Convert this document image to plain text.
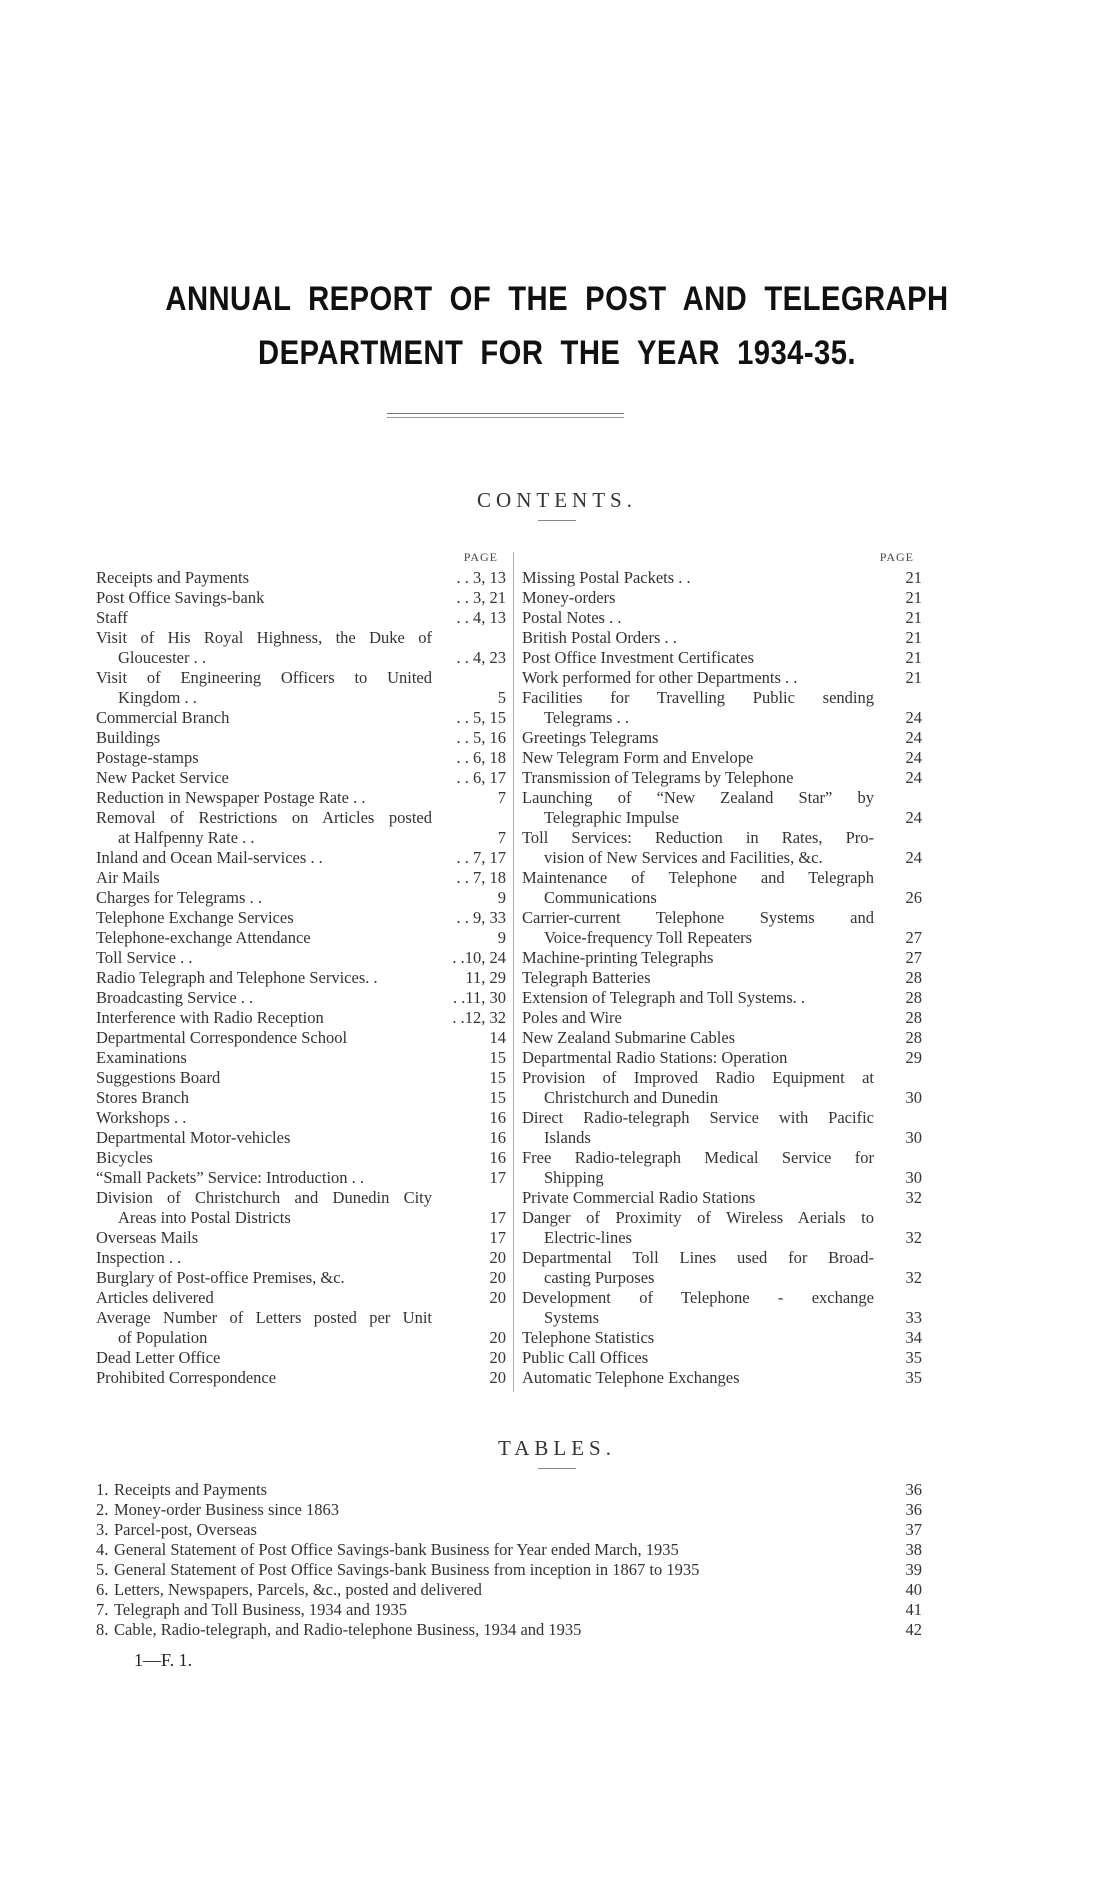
ANNUAL REPORT OF THE POST AND TELEGRAPH
DEPARTMENT FOR THE YEAR 1934-35.
CONTENTS.
PAGE
Receipts and Payments	. . 3, 13
Post Office Savings-bank	. . 3, 21
Staff	. . 4, 13
Visit of His Royal Highness, the Duke of
Gloucester . .	. . 4, 23
Visit of Engineering Officers to United
Kingdom . .	5
Commercial Branch	. . 5, 15
Buildings	. . 5, 16
Postage-stamps	. . 6, 18
New Packet Service	. . 6, 17
Reduction in Newspaper Postage Rate . .	7
Removal of Restrictions on Articles posted
at Halfpenny Rate . .	7
Inland and Ocean Mail-services . .	. . 7, 17
Air Mails	. . 7, 18
Charges for Telegrams . .	9
Telephone Exchange Services	. . 9, 33
Telephone-exchange Attendance	9
Toll Service . .	. .10, 24
Radio Telegraph and Telephone Services. .	11, 29
Broadcasting Service . .	. .11, 30
Interference with Radio Reception	. .12, 32
Departmental Correspondence School	14
Examinations	15
Suggestions Board	15
Stores Branch	15
Workshops . .	16
Departmental Motor-vehicles	16
Bicycles	16
“Small Packets” Service: Introduction . .	17
Division of Christchurch and Dunedin City
Areas into Postal Districts	17
Overseas Mails	17
Inspection . .	20
Burglary of Post-office Premises, &c.	20
Articles delivered	20
Average Number of Letters posted per Unit
of Population	20
Dead Letter Office	20
Prohibited Correspondence	20
PAGE
Missing Postal Packets . .	21
Money-orders	21
Postal Notes . .	21
British Postal Orders . .	21
Post Office Investment Certificates	21
Work performed for other Departments . .	21
Facilities for Travelling Public sending
Telegrams . .	24
Greetings Telegrams	24
New Telegram Form and Envelope	24
Transmission of Telegrams by Telephone	24
Launching of “New Zealand Star” by
Telegraphic Impulse	24
Toll Services: Reduction in Rates, Pro-
vision of New Services and Facilities, &c.	24
Maintenance of Telephone and Telegraph
Communications	26
Carrier-current Telephone Systems and
Voice-frequency Toll Repeaters	27
Machine-printing Telegraphs	27
Telegraph Batteries	28
Extension of Telegraph and Toll Systems. .	28
Poles and Wire	28
New Zealand Submarine Cables	28
Departmental Radio Stations: Operation	29
Provision of Improved Radio Equipment at
Christchurch and Dunedin	30
Direct Radio-telegraph Service with Pacific
Islands	30
Free Radio-telegraph Medical Service for
Shipping	30
Private Commercial Radio Stations	32
Danger of Proximity of Wireless Aerials to
Electric-lines	32
Departmental Toll Lines used for Broad-
casting Purposes	32
Development of Telephone - exchange
Systems	33
Telephone Statistics	34
Public Call Offices	35
Automatic Telephone Exchanges	35
TABLES.
1. Receipts and Payments	36
2. Money-order Business since 1863	36
3. Parcel-post, Overseas	37
4. General Statement of Post Office Savings-bank Business for Year ended March, 1935	38
5. General Statement of Post Office Savings-bank Business from inception in 1867 to 1935	39
6. Letters, Newspapers, Parcels, &c., posted and delivered	40
7. Telegraph and Toll Business, 1934 and 1935	41
8. Cable, Radio-telegraph, and Radio-telephone Business, 1934 and 1935	42
1—F. 1.
